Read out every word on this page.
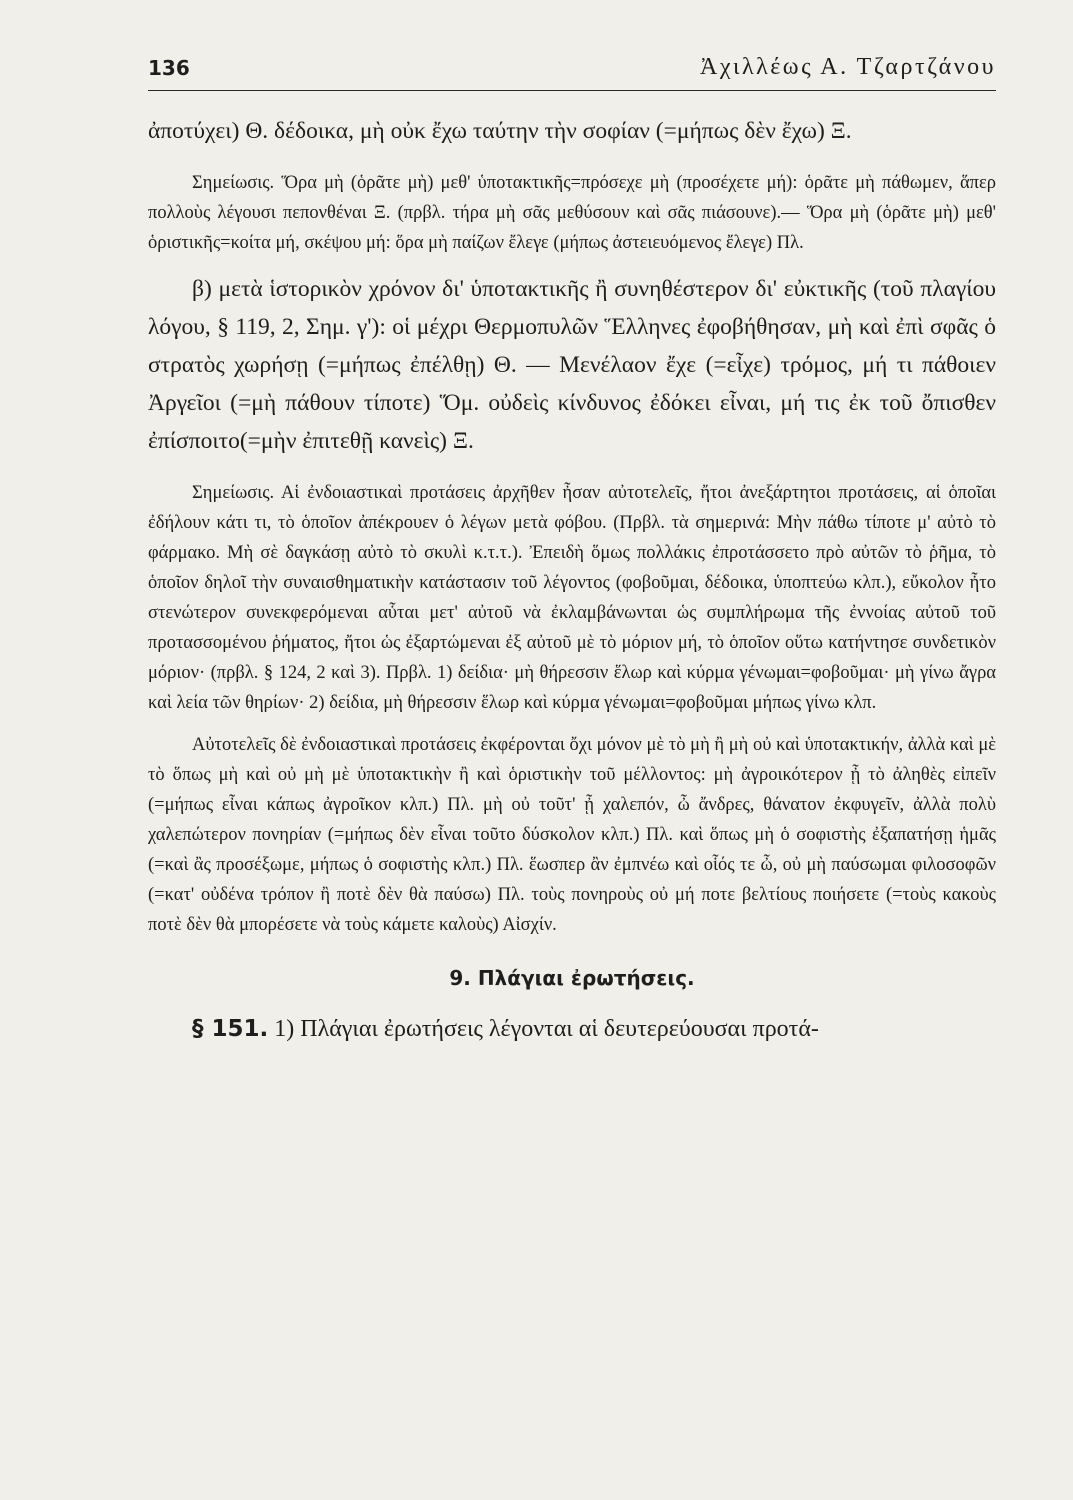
136	Ἀχιλλέως Α. Τζαρτζάνου

ἀποτύχει) Θ. δέδοικα, μὴ οὐκ ἔχω ταύτην τὴν σοφίαν (=μήπως δὲν ἔχω) Ξ.

Σημείωσις. Ὅρα μὴ (ὁρᾶτε μὴ) μεθ' ὑποτακτικῆς=πρόσεχε μὴ (προσέχετε μή): ὁρᾶτε μὴ πάθωμεν, ἅπερ πολλοὺς λέγουσι πεπονθέναι Ξ. (πρβλ. τήρα μὴ σᾶς μεθύσουν καὶ σᾶς πιάσουνε).— Ὅρα μὴ (ὁρᾶτε μὴ) μεθ' ὁριστικῆς=κοίτα μή, σκέψου μή: ὅρα μὴ παίζων ἔλεγε (μήπως ἀστειευόμενος ἔλεγε) Πλ.

β) μετὰ ἱστορικὸν χρόνον δι' ὑποτακτικῆς ἢ συνηθέστερον δι' εὐκτικῆς (τοῦ πλαγίου λόγου, § 119, 2, Σημ. γ'): οἱ μέχρι Θερμοπυλῶν Ἕλληνες ἐφοβήθησαν, μὴ καὶ ἐπὶ σφᾶς ὁ στρατὸς χωρήσῃ (=μήπως ἐπέλθῃ) Θ. — Μενέλαον ἔχε (=εἶχε) τρόμος, μή τι πάθοιεν Ἀργεῖοι (=μὴ πάθουν τίποτε) Ὅμ. οὐδεὶς κίνδυνος ἐδόκει εἶναι, μή τις ἐκ τοῦ ὄπισθεν ἐπίσποιτο(=μὴν ἐπιτεθῇ κανεὶς) Ξ.

Σημείωσις. Αἱ ἐνδοιαστικαὶ προτάσεις ἀρχῆθεν ἦσαν αὐτοτελεῖς, ἤτοι ἀνεξάρτητοι προτάσεις, αἱ ὁποῖαι ἐδήλουν κάτι τι, τὸ ὁποῖον ἀπέκρουεν ὁ λέγων μετὰ φόβου. (Πρβλ. τὰ σημερινά: Μὴν πάθω τίποτε μ' αὐτὸ τὸ φάρμακο. Μὴ σὲ δαγκάσῃ αὐτὸ τὸ σκυλὶ κ.τ.τ.). Ἐπειδὴ ὅμως πολλάκις ἐπροτάσσετο πρὸ αὐτῶν τὸ ῥῆμα, τὸ ὁποῖον δηλοῖ τὴν συναισθηματικὴν κατάστασιν τοῦ λέγοντος (φοβοῦμαι, δέδοικα, ὑποπτεύω κλπ.), εὔκολον ἦτο στενώτερον συνεκφερόμεναι αὗται μετ' αὐτοῦ νὰ ἐκλαμβάνωνται ὡς συμπλήρωμα τῆς ἐννοίας αὐτοῦ τοῦ προτασσομένου ῥήματος, ἤτοι ὡς ἐξαρτώμεναι ἐξ αὐτοῦ μὲ τὸ μόριον μή, τὸ ὁποῖον οὕτω κατήντησε συνδετικὸν μόριον· (πρβλ. § 124, 2 καὶ 3). Πρβλ. 1) δείδια· μὴ θήρεσσιν ἕλωρ καὶ κύρμα γένωμαι=φοβοῦμαι· μὴ γίνω ἄγρα καὶ λεία τῶν θηρίων· 2) δείδια, μὴ θήρεσσιν ἕλωρ καὶ κύρμα γένωμαι=φοβοῦμαι μήπως γίνω κλπ.

Αὐτοτελεῖς δὲ ἐνδοιαστικαὶ προτάσεις ἐκφέρονται ὄχι μόνον μὲ τὸ μὴ ἢ μὴ οὐ καὶ ὑποτακτικήν, ἀλλὰ καὶ μὲ τὸ ὅπως μὴ καὶ οὐ μὴ μὲ ὑποτακτικὴν ἢ καὶ ὁριστικὴν τοῦ μέλλοντος: μὴ ἀγροικότερον ᾖ τὸ ἀληθὲς εἰπεῖν (=μήπως εἶναι κάπως ἀγροῖκον κλπ.) Πλ. μὴ οὐ τοῦτ' ᾖ χαλεπόν, ὦ ἄνδρες, θάνατον ἐκφυγεῖν, ἀλλὰ πολὺ χαλεπώτερον πονηρίαν (=μήπως δὲν εἶναι τοῦτο δύσκολον κλπ.) Πλ. καὶ ὅπως μὴ ὁ σοφιστὴς ἐξαπατήσῃ ἡμᾶς (=καὶ ἂς προσέξωμε, μήπως ὁ σοφιστὴς κλπ.) Πλ. ἕωσπερ ἂν ἐμπνέω καὶ οἷός τε ὦ, οὐ μὴ παύσωμαι φιλοσοφῶν (=κατ' οὐδένα τρόπον ἢ ποτὲ δὲν θὰ παύσω) Πλ. τοὺς πονηροὺς οὐ μή ποτε βελτίους ποιήσετε (=τοὺς κακοὺς ποτὲ δὲν θὰ μπορέσετε νὰ τοὺς κάμετε καλοὺς) Αἰσχίν.

9. Πλάγιαι ἐρωτήσεις.
§ 151. 1) Πλάγιαι ἐρωτήσεις λέγονται αἱ δευτερεύουσαι προτά-
